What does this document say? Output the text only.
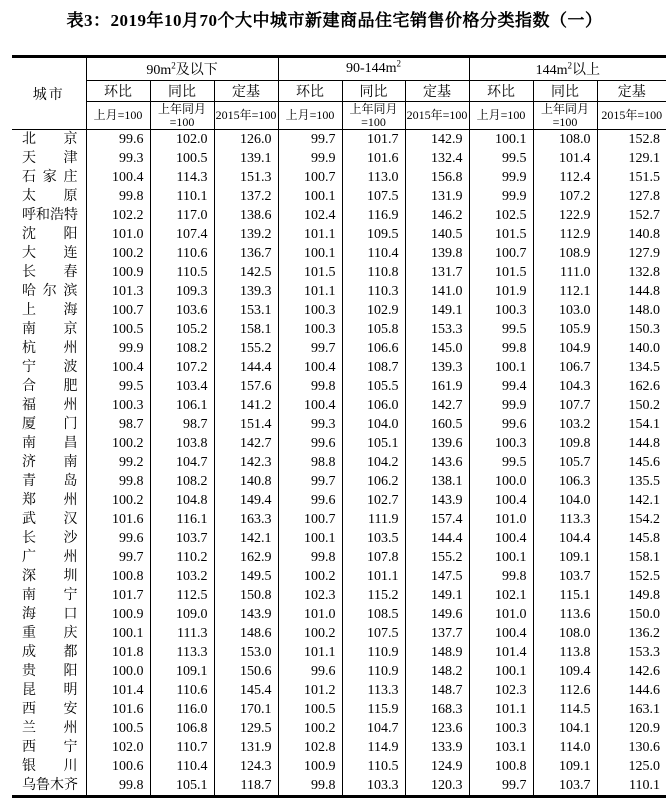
表3：2019年10月70个大中城市新建商品住宅销售价格分类指数（一）
城市	$90m^2$及以下			$90-144m^2$			$144m^2$以上		
	环比	同比	定基	环比	同比	定基	环比	同比	定基
	上月=100	上年同月=100	2015年=100	上月=100	上年同月=100	2015年=100	上月=100	上年同月=100	2015年=100
北京	99.6	102.0	126.0	99.7	101.7	142.9	100.1	108.0	152.8
天津	99.3	100.5	139.1	99.9	101.6	132.4	99.5	101.4	129.1
石家庄	100.4	114.3	151.3	100.7	113.0	156.8	99.9	112.4	151.5
太原	99.8	110.1	137.2	100.1	107.5	131.9	99.9	107.2	127.8
呼和浩特	102.2	117.0	138.6	102.4	116.9	146.2	102.5	122.9	152.7
沈阳	101.0	107.4	139.2	101.1	109.5	140.5	101.5	112.9	140.8
大连	100.2	110.6	136.7	100.1	110.4	139.8	100.7	108.9	127.9
长春	100.9	110.5	142.5	101.5	110.8	131.7	101.5	111.0	132.8
哈尔滨	101.3	109.3	139.3	101.1	110.3	141.0	101.9	112.1	144.8
上海	100.7	103.6	153.1	100.3	102.9	149.1	100.3	103.0	148.0
南京	100.5	105.2	158.1	100.3	105.8	153.3	99.5	105.9	150.3
杭州	99.9	108.2	155.2	99.7	106.6	145.0	99.8	104.9	140.0
宁波	100.4	107.2	144.4	100.4	108.7	139.3	100.1	106.7	134.5
合肥	99.5	103.4	157.6	99.8	105.5	161.9	99.4	104.3	162.6
福州	100.3	106.1	141.2	100.4	106.0	142.7	99.9	107.7	150.2
厦门	98.7	98.7	151.4	99.3	104.0	160.5	99.6	103.2	154.1
南昌	100.2	103.8	142.7	99.6	105.1	139.6	100.3	109.8	144.8
济南	99.2	104.7	142.3	98.8	104.2	143.6	99.5	105.7	145.6
青岛	99.8	108.2	140.8	99.7	106.2	138.1	100.0	106.3	135.5
郑州	100.2	104.8	149.4	99.6	102.7	143.9	100.4	104.0	142.1
武汉	101.6	116.1	163.3	100.7	111.9	157.4	101.0	113.3	154.2
长沙	99.6	103.7	142.1	100.1	103.5	144.4	100.4	104.4	145.8
广州	99.7	110.2	162.9	99.8	107.8	155.2	100.1	109.1	158.1
深圳	100.8	103.2	149.5	100.2	101.1	147.5	99.8	103.7	152.5
南宁	101.7	112.5	150.8	102.3	115.2	149.1	102.1	115.1	149.8
海口	100.9	109.0	143.9	101.0	108.5	149.6	101.0	113.6	150.0
重庆	100.1	111.3	148.6	100.2	107.5	137.7	100.4	108.0	136.2
成都	101.8	113.3	153.0	101.1	110.9	148.9	101.4	113.8	153.3
贵阳	100.0	109.1	150.6	99.6	110.9	148.2	100.1	109.4	142.6
昆明	101.4	110.6	145.4	101.2	113.3	148.7	102.3	112.6	144.6
西安	101.6	116.0	170.1	100.5	115.9	168.3	101.1	114.5	163.1
兰州	100.5	106.8	129.5	100.2	104.7	123.6	100.3	104.1	120.9
西宁	102.0	110.7	131.9	102.8	114.9	133.9	103.1	114.0	130.6
银川	100.6	110.4	124.3	100.9	110.5	124.9	100.8	109.1	125.0
乌鲁木齐	99.8	105.1	118.7	99.8	103.3	120.3	99.7	103.7	110.1
